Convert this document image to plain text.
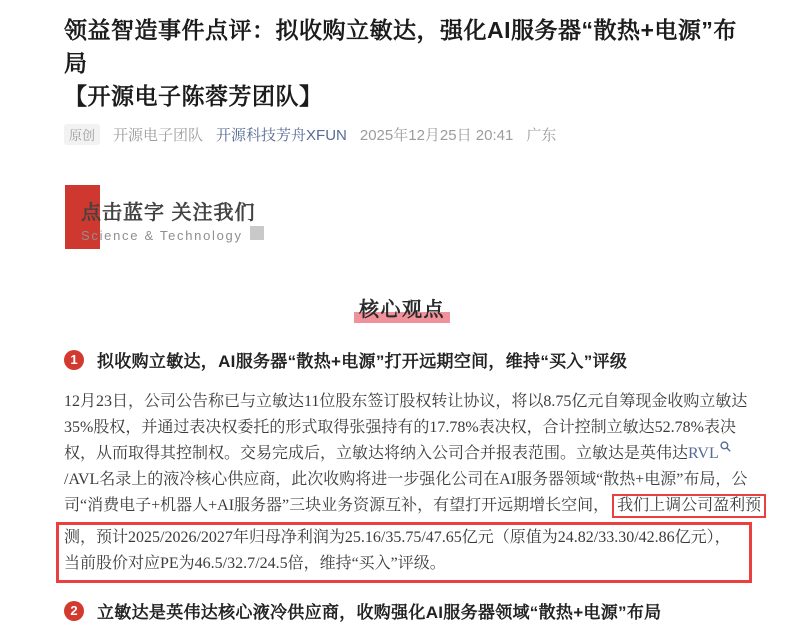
领益智造事件点评：拟收购立敏达，强化AI服务器“散热+电源”布局
【开源电子陈蓉芳团队】
原创	开源电子团队 开源科技芳舟XFUN 2025年12月25日 20:41 广东
点击蓝字 关注我们
Science & Technology
核心观点
1	拟收购立敏达，AI服务器“散热+电源”打开远期空间，维持“买入”评级
12月23日，公司公告称已与立敏达11位股东签订股权转让协议，将以8.75亿元自筹现金收购立敏达
35%股权，并通过表决权委托的形式取得张强持有的17.78%表决权，合计控制立敏达52.78%表决
权，从而取得其控制权。交易完成后，立敏达将纳入公司合并报表范围。立敏达是英伟达RVL
/AVL名录上的液冷核心供应商，此次收购将进一步强化公司在AI服务器领域“散热+电源”布局，公
司“消费电子+机器人+AI服务器”三块业务资源互补，有望打开远期增长空间， 我们上调公司盈利预
测，预计2025/2026/2027年归母净利润为25.16/35.75/47.65亿元（原值为24.82/33.30/42.86亿元），
当前股价对应PE为46.5/32.7/24.5倍，维持“买入”评级。
2	立敏达是英伟达核心液冷供应商，收购强化AI服务器领域“散热+电源”布局
